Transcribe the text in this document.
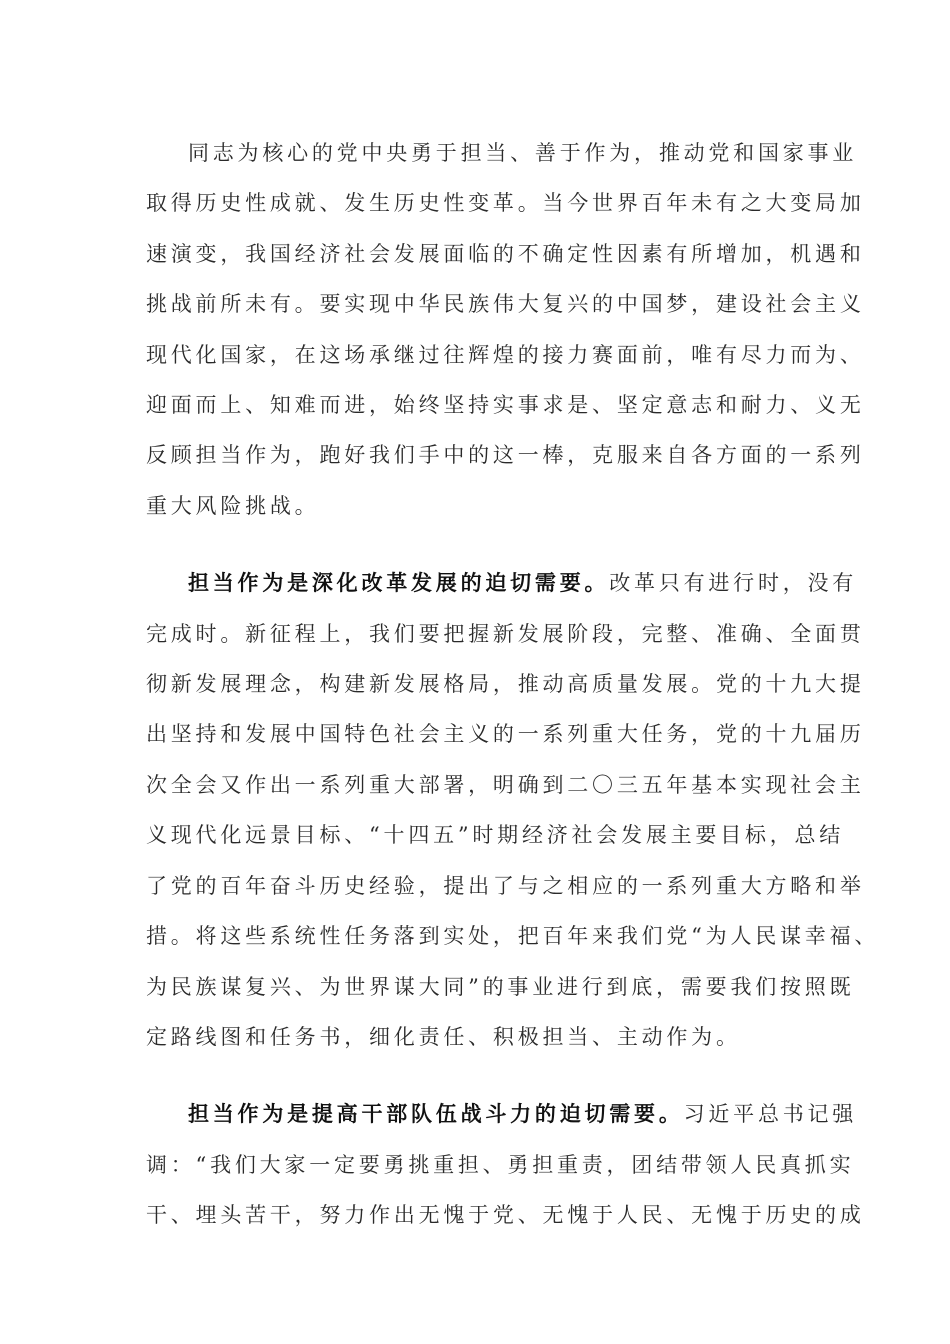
同志为核心的党中央勇于担当、善于作为，推动党和国家事业
取得历史性成就、发生历史性变革。当今世界百年未有之大变局加
速演变，我国经济社会发展面临的不确定性因素有所增加，机遇和
挑战前所未有。要实现中华民族伟大复兴的中国梦，建设社会主义
现代化国家，在这场承继过往辉煌的接力赛面前，唯有尽力而为、
迎面而上、知难而进，始终坚持实事求是、坚定意志和耐力、义无
反顾担当作为，跑好我们手中的这一棒，克服来自各方面的一系列
重大风险挑战。

担当作为是深化改革发展的迫切需要。改革只有进行时，没有
完成时。新征程上，我们要把握新发展阶段，完整、准确、全面贯
彻新发展理念，构建新发展格局，推动高质量发展。党的十九大提
出坚持和发展中国特色社会主义的一系列重大任务，党的十九届历
次全会又作出一系列重大部署，明确到二〇三五年基本实现社会主
义现代化远景目标、“十四五”时期经济社会发展主要目标，总结
了党的百年奋斗历史经验，提出了与之相应的一系列重大方略和举
措。将这些系统性任务落到实处，把百年来我们党“为人民谋幸福、
为民族谋复兴、为世界谋大同”的事业进行到底，需要我们按照既
定路线图和任务书，细化责任、积极担当、主动作为。

担当作为是提高干部队伍战斗力的迫切需要。习近平总书记强
调：“我们大家一定要勇挑重担、勇担重责，团结带领人民真抓实
干、埋头苦干，努力作出无愧于党、无愧于人民、无愧于历史的成
